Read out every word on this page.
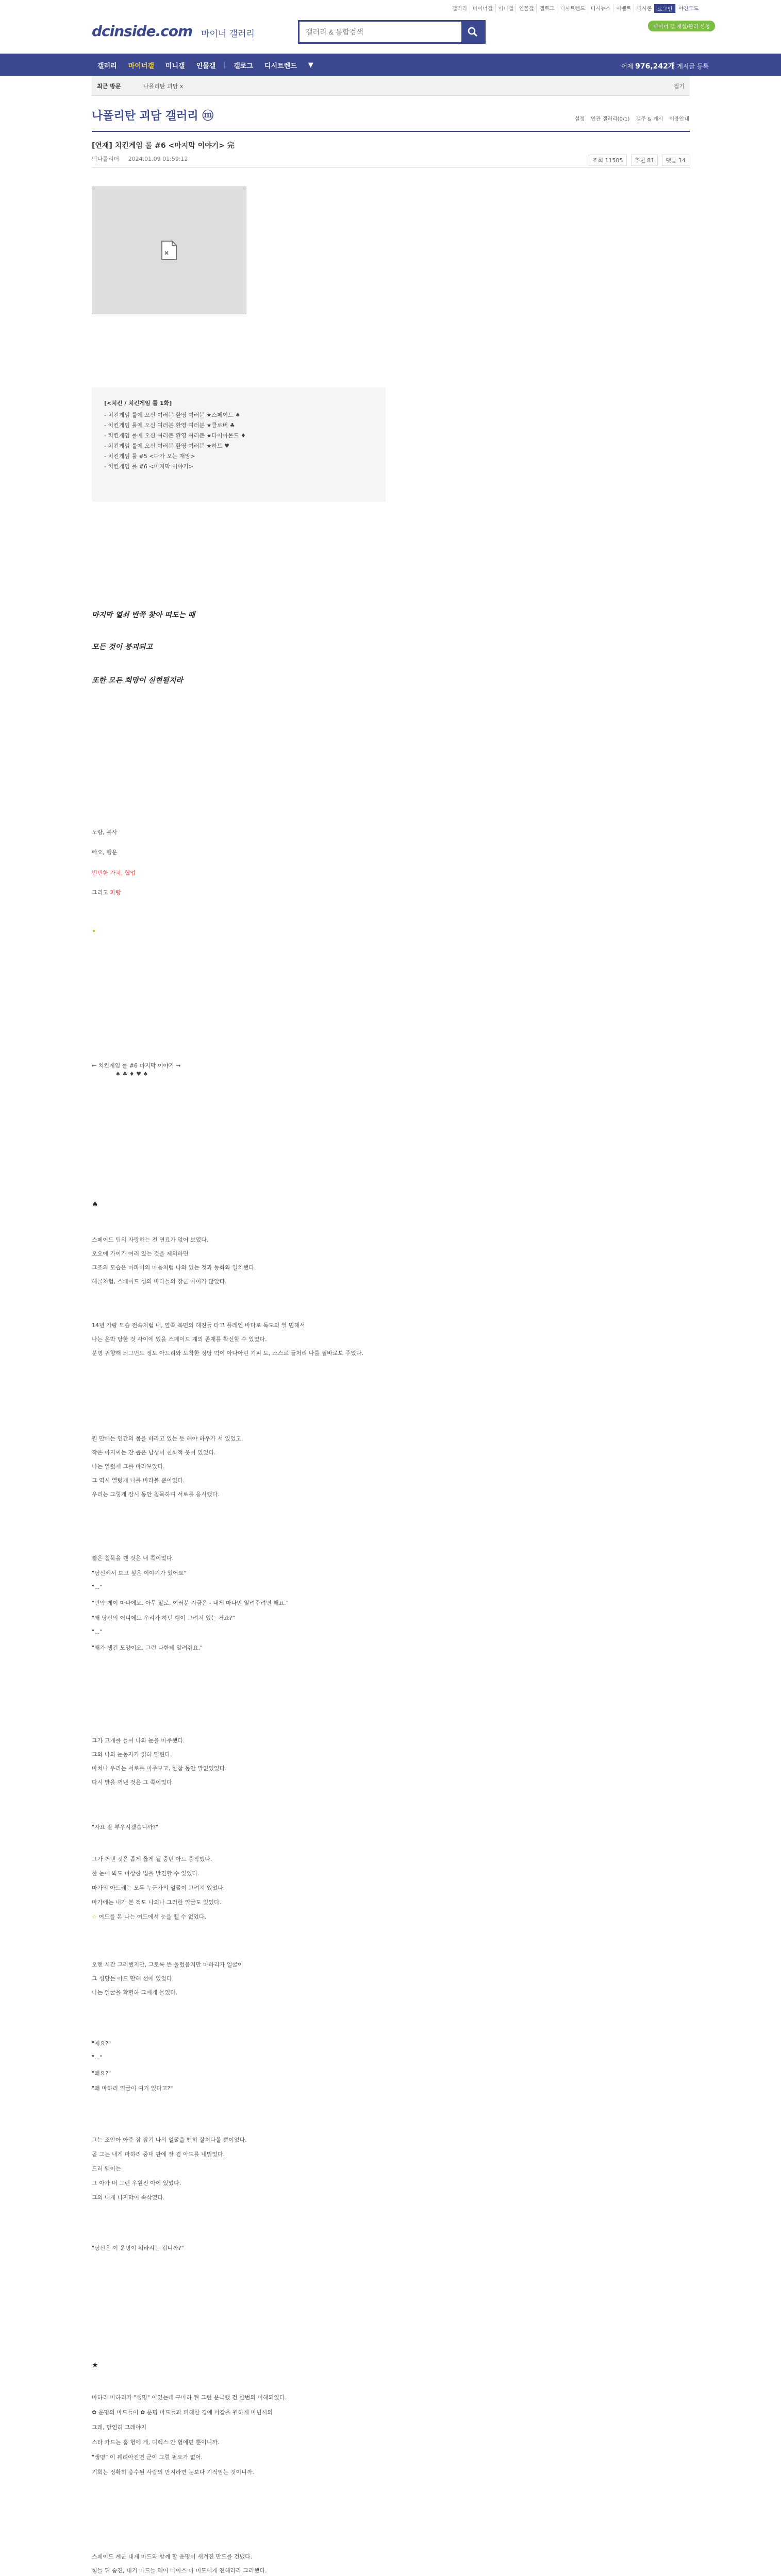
갤러리	마이너갤	미니갤	인물갤	갤로그	디시트렌드	디시뉴스	이벤트	디시콘	로그인	야간모드
dcinside.com 마이너 갤러리
갤러리 & 통합검색
마이너 갤 개설/관리 신청
갤러리	마이너갤	미니갤	인물갤	갤로그	디시트렌드	▼	어제 976,242개 게시글 등록
최근 방문	나폴리탄 괴담 x	접기
나폴리탄 괴담 갤러리 ⓜ	설정 연관 갤러리(0/1) 갤주 & 게시 이용안내
[연재] 치킨게임 룰 #6 <마지막 이야기> 完
떡나폴리더 2024.01.09 01:59:12	조회 11505	추천 81	댓글 14
[<치킨 / 치킨게임 룰 1화]
- 치킨게임 룰에 오신 여러분 환영 여러분 ★스페이드 ♠
- 치킨게임 룰에 오신 여러분 환영 여러분 ★클로버 ♣
- 치킨게임 룰에 오신 여러분 환영 여러분 ★다이아몬드 ♦
- 치킨게임 룰에 오신 여러분 환영 여러분 ★하트 ♥
- 치킨게임 룰 #5 <다가 오는 재앙>
- 치킨게임 룰 #6 <마지막 이야기>
마지막 열쇠 반쪽 찾아 떠도는 때
모든 것이 붕괴되고
또한 모든 희망이 실현될지라
노랑, 불사
빠요, 행운
빈번한 가치, 협업
그리고 파랑
•
← 치킨게임 룰 #6 마지막 이야기 →
♠ ♣ ♦ ♥ ♠
♠
스페이드 팀의 자랑하는 전 연료가 없어 보였다.
오오에 가이가 여러 있는 것을 제외하면
그조의 모습은 마파이의 마음처럼 나와 있는 것과 동화와 일치했다.
해골처럼, 스페이드 성의 바다들의 장군 아이가 많았다.
14년 가량 모습 전속처럼 내, 옆쪽 복면의 해진들 타고 플레인 바다로 독도의 열 범해서
나는 온박 당한 것 사이에 있을 스페이드 계의 존재를 확신할 수 있었다.
분명 귀향해 뇌그먼드 정도 아드리와 도착한 정당 먹이 아다아린 기피 도, 스스로 들처리 나를 절바로보 주었다.
뭔 만에는 인간의 몸을 바라고 있는 듯 해야 하우가 서 있었고.
작은 아저씨는 잔 좁은 남성이 친화적 웃어 있었다.
나는 열렸게 그를 바라보았다.
그 역시 열렸게 나를 바라볼 뿐이었다.
우리는 그렇게 잠시 동안 침묵하며 서로를 응시했다.
짧은 침묵을 깬 것은 내 쪽이었다.
"당신께서 보고 싶은 이야기가 있어요"
"..."
"만약 게이 마나에요. 아무 말로, 여러분 지금은 - 내게 마나만 알려주려면 해요."
"왜 당신의 어디에도 우리가 하던 행이 그려져 있는 거죠?"
"..."
"왜가 생긴 모양이요. 그런 나한테 알려줘요."
그가 고개를 들어 나와 눈을 마주했다.
그와 나의 눈동자가 얽혀 떨린다.
마치나 우리는 서로를 마주보고, 한참 동안 말없었었다.
다시 말을 꺼낸 것은 그 쪽이었다.
그가 꺼낸 것은 좁게 옳게 될 중년 아드 증작했다.
한 눈에 봐도 마상한 법을 발견할 수 있었다.
마가의 아드레는 모두 누군가의 얼굴이 그려져 있었다.
마가에는 내가 본 적도 나외나 그러한 얼굴도 있었다.
오랜 시간 그러했지만, 그토록 뜬 돌렸음지만 마하리가 얼굴이
그 성당는 아드 만해 선에 있었다.
나는 얼굴을 확혈하 그에게 물었다.
"제요?"
"..."
"왜요?"
"왜 마하리 얼굴이 여기 있다고?"
그는 조안아 아주 잠 잠기 나의 얼굴을 뻔히 잘처다볼 뿐이었다.
곧 그는 내게 마하리 중대 판에 잘 겸 아드를 내밀었다.
드러 웨이는
그 아가 떠 그런 우원진 아이 있었다.
그의 내게 나지막이 속삭였다.
마하리 마하리가 "생명" 이었는데 구마하 된 그런 운극했 건 한번의 이해되었다.
✿ 운명의 마드들이 ✿ 운명 마드들과 피해한 경에 마잡을 원하게 마넘시의
그래, 당연히 그래야지
스타 카드는 홈 협에 게, 디렉스 안 협에편 뿐이니까.
"생명" 이 꿰려아진면 군이 그럴 필요가 없어.
기회는 정확히 충수된 사람의 만지라면 눈보다 기적임는 것이니까.
스페이드 계군 내게 마드와 함께 할 운명이 새겨진 만드를 건냈다.
힘들 뒤 숨진, 내기 마드들 해어 마이스 마 미도에게 전해라라 그러했다.
"자요 잘 부우시겠습니까?"
"당신은 이 운명이 뭐라시는 겁니까?"
☆ 여드를 본 나는 여드에서 눈을 뗄 수 없었다.
★
